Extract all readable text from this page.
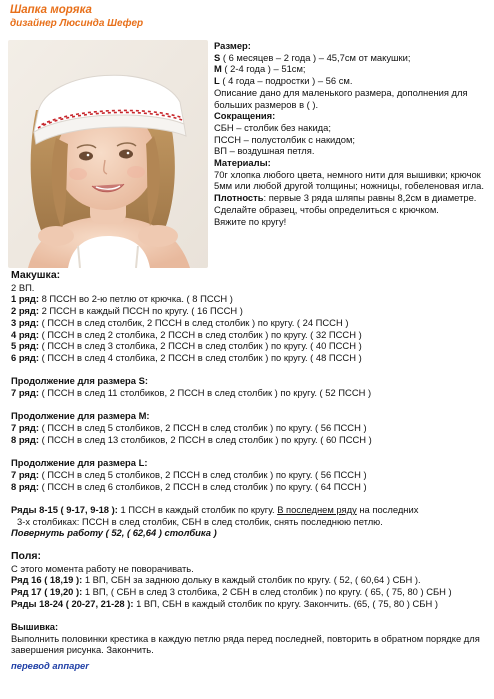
Шапка моряка
дизайнер Люсинда Шефер
Размер:
S ( 6 месяцев – 2 года ) – 45,7см от макушки;
M ( 2-4 года ) – 51см;
L ( 4 года – подростки ) – 56 см.
Описание дано для маленького размера, дополнения для больших размеров в ( ).
Сокращения:
СБН – столбик без накида;
ПССН – полустолбик с накидом;
ВП – воздушная петля.
Материалы:
70г хлопка любого цвета, немного нити для вышивки; крючок 5мм или любой другой толщины; ножницы, гобеленовая игла.
Плотность: первые 3 ряда шляпы равны 8,2см в диаметре. Сделайте образец, чтобы определиться с крючком.
Вяжите по кругу!
Макушка:
2 ВП.
1 ряд: 8 ПССН во 2-ю петлю от крючка. ( 8 ПССН )
2 ряд: 2 ПССН в каждый ПССН по кругу. ( 16 ПССН )
3 ряд: ( ПССН в след столбик, 2 ПССН в след столбик ) по кругу. ( 24 ПССН )
4 ряд: ( ПССН в след 2 столбика, 2 ПССН в след столбик ) по кругу. ( 32 ПССН )
5 ряд: ( ПССН в след 3 столбика, 2 ПССН в след столбик ) по кругу. ( 40 ПССН )
6 ряд: ( ПССН в след 4 столбика, 2 ПССН в след столбик ) по кругу. ( 48 ПССН )
Продолжение для размера S:
7 ряд: ( ПССН в след 11 столбиков, 2 ПССН в след столбик ) по кругу. ( 52 ПССН )
Продолжение для размера M:
7 ряд: ( ПССН в след 5 столбиков, 2 ПССН в след столбик ) по кругу. ( 56 ПССН )
8 ряд: ( ПССН в след 13 столбиков, 2 ПССН в след столбик ) по кругу. ( 60 ПССН )
Продолжение для размера L:
7 ряд: ( ПССН в след 5 столбиков, 2 ПССН в след столбик ) по кругу. ( 56 ПССН )
8 ряд: ( ПССН в след 6 столбиков, 2 ПССН в след столбик ) по кругу. ( 64 ПССН )
Ряды 8-15 ( 9-17, 9-18 ): 1 ПССН в каждый столбик по кругу. В последнем ряду на последних
3-х столбиках: ПССН в след столбик, СБН в след столбик, снять последнюю петлю.
Повернуть работу ( 52, ( 62,64 ) столбика )
Поля:
С этого момента работу не поворачивать.
Ряд 16 ( 18,19 ): 1 ВП, СБН за заднюю дольку в каждый столбик по кругу. ( 52, ( 60,64 ) СБН ).
Ряд 17 ( 19,20 ): 1 ВП, ( СБН в след 3 столбика, 2 СБН в след столбик ) по кругу. ( 65, ( 75, 80 ) СБН )
Ряды 18-24 ( 20-27, 21-28 ): 1 ВП, СБН в каждый столбик по кругу. Закончить. (65, ( 75, 80 ) СБН )
Вышивка:
Выполнить половинки крестика в каждую петлю ряда перед последней, повторить в обратном порядке для завершения рисунка. Закончить.
перевод anпaper
